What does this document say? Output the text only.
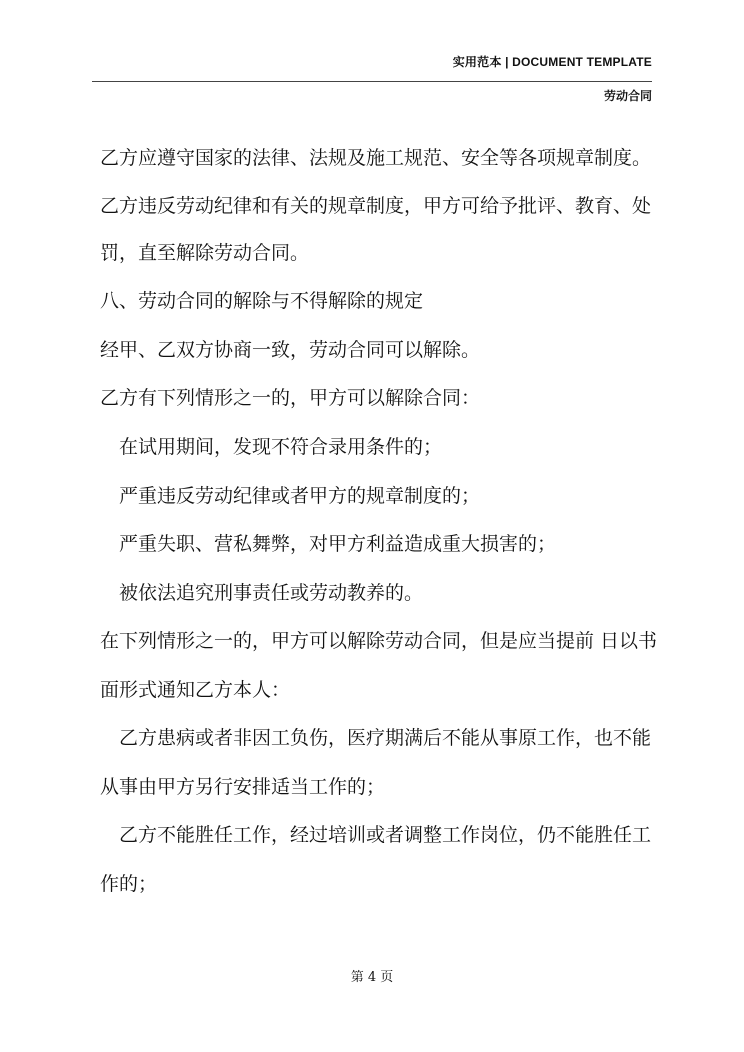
实用范本 | DOCUMENT TEMPLATE
劳动合同
乙方应遵守国家的法律、法规及施工规范、安全等各项规章制度。
乙方违反劳动纪律和有关的规章制度，甲方可给予批评、教育、处
罚，直至解除劳动合同。
八、劳动合同的解除与不得解除的规定
经甲、乙双方协商一致，劳动合同可以解除。
乙方有下列情形之一的，甲方可以解除合同：
在试用期间，发现不符合录用条件的；
严重违反劳动纪律或者甲方的规章制度的；
严重失职、营私舞弊，对甲方利益造成重大损害的；
被依法追究刑事责任或劳动教养的。
在下列情形之一的，甲方可以解除劳动合同，但是应当提前 日以书
面形式通知乙方本人：
乙方患病或者非因工负伤，医疗期满后不能从事原工作，也不能
从事由甲方另行安排适当工作的；
乙方不能胜任工作，经过培训或者调整工作岗位，仍不能胜任工
作的；
第 4 页
